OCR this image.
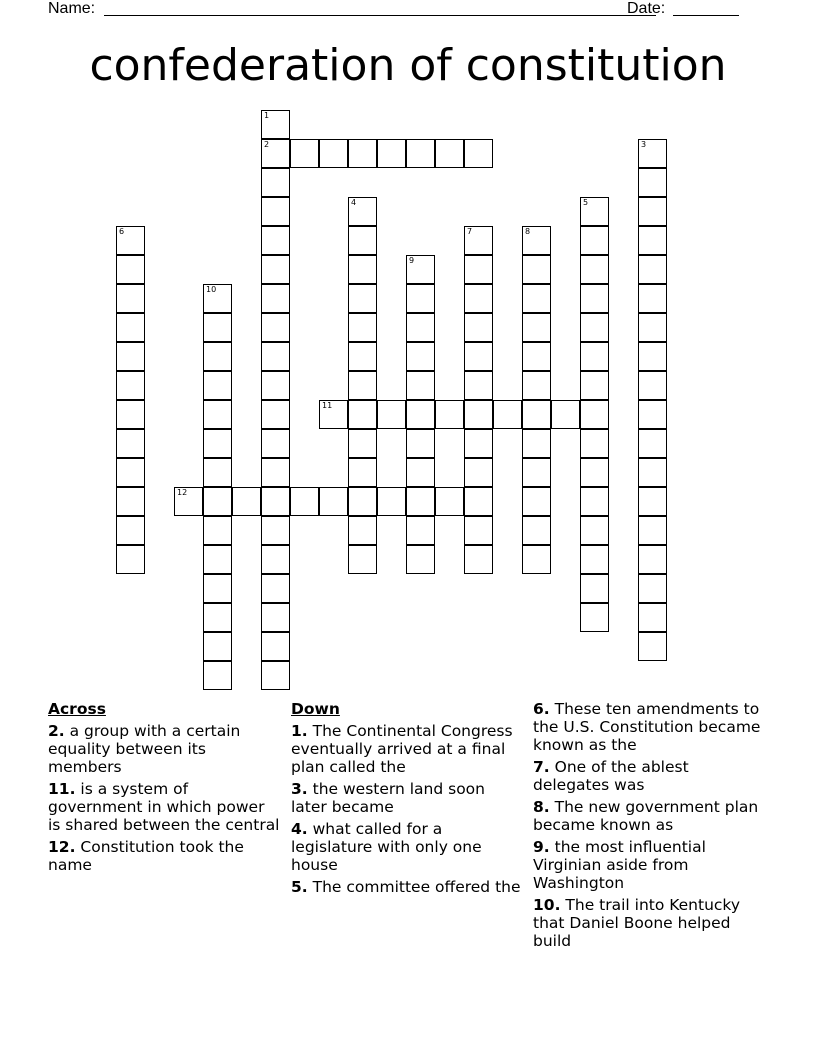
Name:	Date:
confederation of constitution
1
2	3
4	5
6	7	8
9
10
11
12
Across
2. a group with a certain equality between its members
11. is a system of government in which power is shared between the central
12. Constitution took the name
Down
1. The Continental Congress eventually arrived at a final plan called the
3. the western land soon later became
4. what called for a legislature with only one house
5. The committee offered the
6. These ten amendments to the U.S. Constitution became known as the
7. One of the ablest delegates was
8. The new government plan became known as
9. the most influential Virginian aside from Washington
10. The trail into Kentucky that Daniel Boone helped build
